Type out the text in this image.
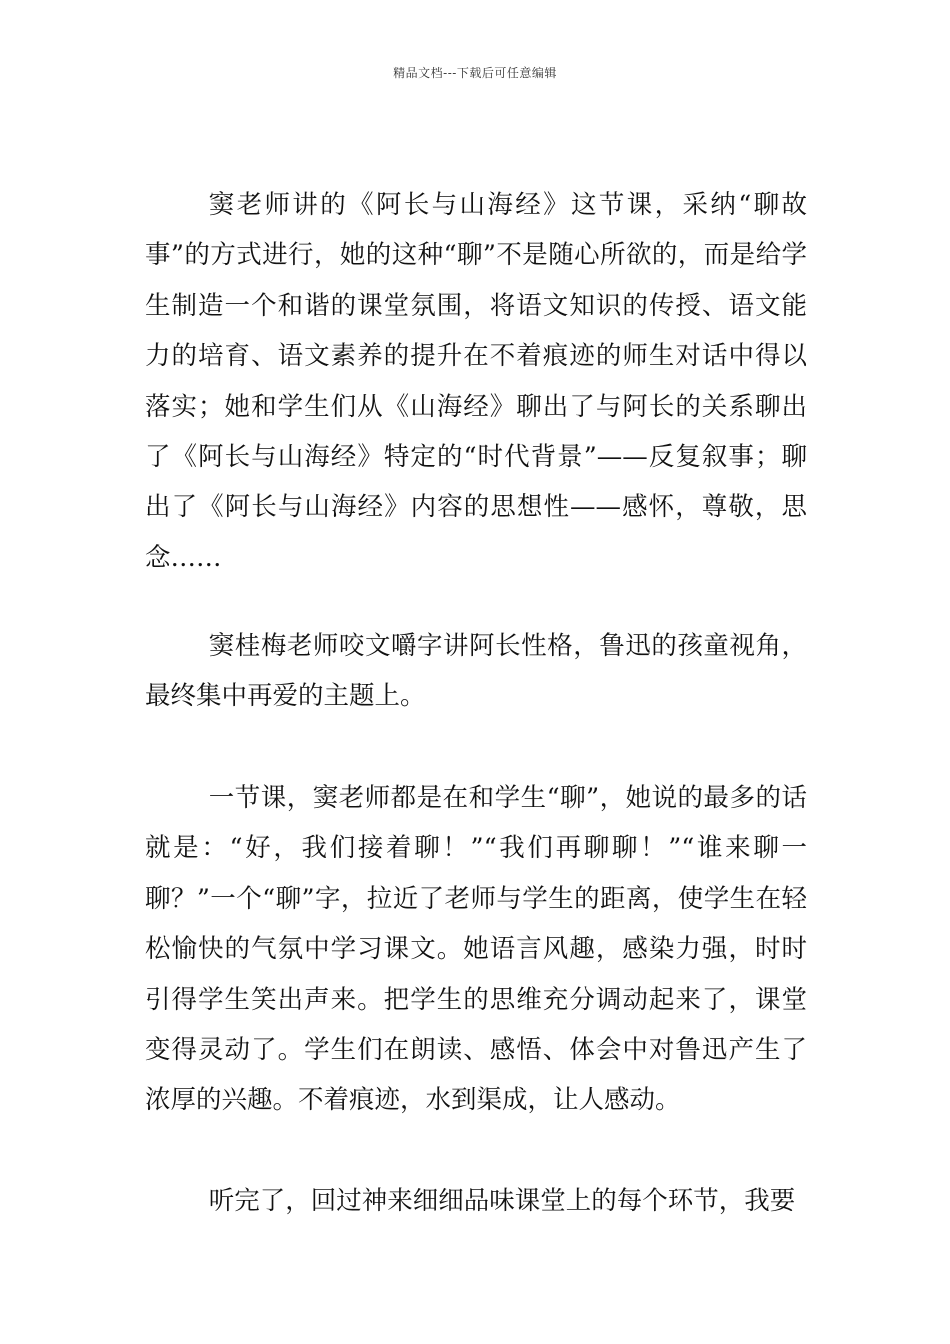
精品文档---下载后可任意编辑

窦老师讲的《阿长与山海经》这节课，采纳“聊故事”的方式进行，她的这种“聊”不是随心所欲的，而是给学生制造一个和谐的课堂氛围，将语文知识的传授、语文能力的培育、语文素养的提升在不着痕迹的师生对话中得以落实；她和学生们从《山海经》聊出了与阿长的关系聊出了《阿长与山海经》特定的“时代背景”——反复叙事；聊出了《阿长与山海经》内容的思想性——感怀，尊敬，思念……

窦桂梅老师咬文嚼字讲阿长性格，鲁迅的孩童视角，最终集中再爱的主题上。

一节课，窦老师都是在和学生“聊”，她说的最多的话就是：“好，我们接着聊！”“我们再聊聊！”“谁来聊一聊？”一个“聊”字，拉近了老师与学生的距离，使学生在轻松愉快的气氛中学习课文。她语言风趣，感染力强，时时引得学生笑出声来。把学生的思维充分调动起来了，课堂变得灵动了。学生们在朗读、感悟、体会中对鲁迅产生了浓厚的兴趣。不着痕迹，水到渠成，让人感动。

听完了，回过神来细细品味课堂上的每个环节，我要
